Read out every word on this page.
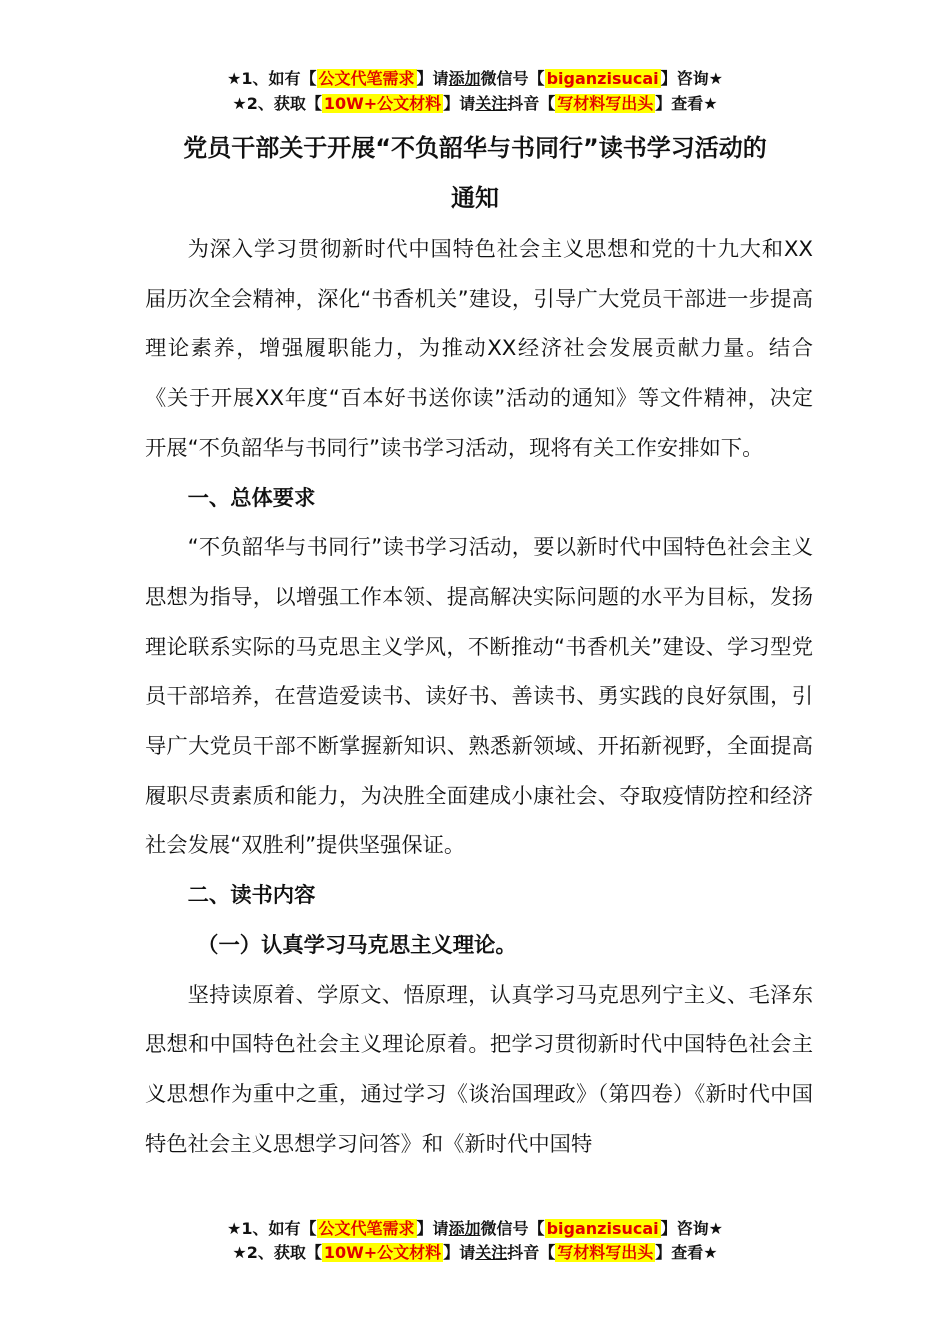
★1、如有【 公文代笔需求 】请添加微信号【 biganzisucai 】咨询★
★2、获取【 10W+公文材料 】请关注抖音【 写材料写出头 】查看★
党员干部关于开展“不负韶华与书同行”读书学习活动的
通知

为深入学习贯彻新时代中国特色社会主义思想和党的十九大和XX届历次全会精神，深化“书香机关”建设，引导广大党员干部进一步提高理论素养，增强履职能力，为推动XX经济社会发展贡献力量。结合《关于开展XX年度“百本好书送你读”活动的通知》等文件精神，决定开展“不负韶华与书同行”读书学习活动，现将有关工作安排如下。

一、总体要求

“不负韶华与书同行”读书学习活动，要以新时代中国特色社会主义思想为指导，以增强工作本领、提高解决实际问题的水平为目标，发扬理论联系实际的马克思主义学风，不断推动“书香机关”建设、学习型党员干部培养，在营造爱读书、读好书、善读书、勇实践的良好氛围，引导广大党员干部不断掌握新知识、熟悉新领域、开拓新视野，全面提高履职尽责素质和能力，为决胜全面建成小康社会、夺取疫情防控和经济社会发展“双胜利”提供坚强保证。

二、读书内容
（一）认真学习马克思主义理论。

坚持读原着、学原文、悟原理，认真学习马克思列宁主义、毛泽东思想和中国特色社会主义理论原着。把学习贯彻新时代中国特色社会主义思想作为重中之重，通过学习《谈治国理政》（第四卷）《新时代中国特色社会主义思想学习问答》和《新时代中国特

★1、如有【 公文代笔需求 】请添加微信号【 biganzisucai 】咨询★
★2、获取【 10W+公文材料 】请关注抖音【 写材料写出头 】查看★
